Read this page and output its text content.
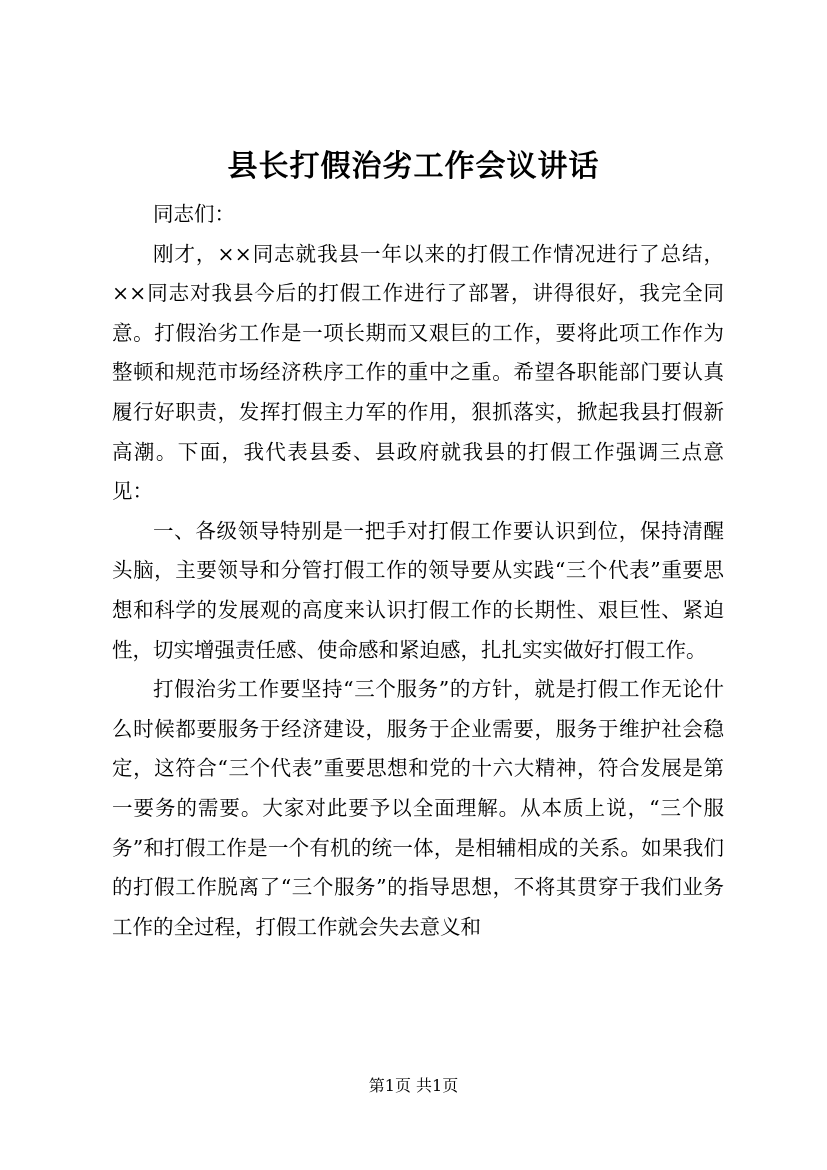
县长打假治劣工作会议讲话

同志们：

刚才，××同志就我县一年以来的打假工作情况进行了总结，××同志对我县今后的打假工作进行了部署，讲得很好，我完全同意。打假治劣工作是一项长期而又艰巨的工作，要将此项工作作为整顿和规范市场经济秩序工作的重中之重。希望各职能部门要认真履行好职责，发挥打假主力军的作用，狠抓落实，掀起我县打假新高潮。下面，我代表县委、县政府就我县的打假工作强调三点意见：

一、各级领导特别是一把手对打假工作要认识到位，保持清醒头脑，主要领导和分管打假工作的领导要从实践“三个代表”重要思想和科学的发展观的高度来认识打假工作的长期性、艰巨性、紧迫性，切实增强责任感、使命感和紧迫感，扎扎实实做好打假工作。

打假治劣工作要坚持“三个服务”的方针，就是打假工作无论什么时候都要服务于经济建设，服务于企业需要，服务于维护社会稳定，这符合“三个代表”重要思想和党的十六大精神，符合发展是第一要务的需要。大家对此要予以全面理解。从本质上说，“三个服务”和打假工作是一个有机的统一体，是相辅相成的关系。如果我们的打假工作脱离了“三个服务”的指导思想，不将其贯穿于我们业务工作的全过程，打假工作就会失去意义和

第1页 共1页
